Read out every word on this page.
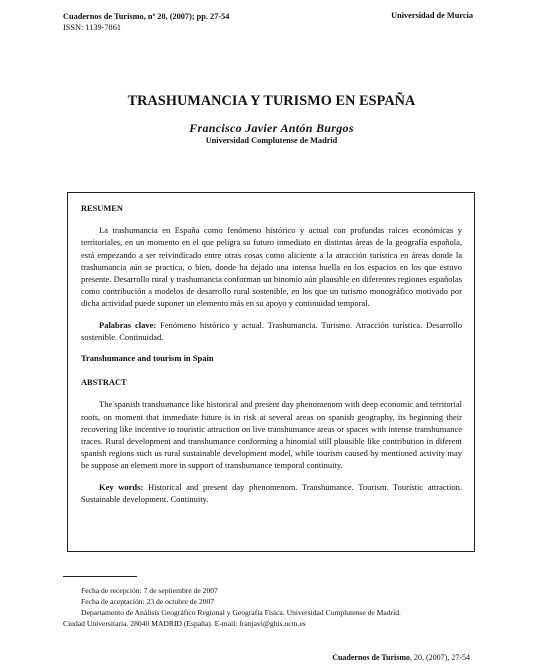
Cuadernos de Turismo, nº 20, (2007); pp. 27-54
ISSN: 1139-7861
Universidad de Murcia
TRASHUMANCIA Y TURISMO EN ESPAÑA
Francisco Javier Antón Burgos
Universidad Complutense de Madrid
RESUMEN

La trashumancia en España como fenómeno histórico y actual con profundas raíces económicas y territoriales, en un momento en el que peligra su futuro inmediato en distintas áreas de la geografía española, está empezando a ser reivindicado entre otras cosas como aliciente a la atracción turística en áreas donde la trashumancia aún se practica, o bien, donde ha dejado una intensa huella en los espacios en los que estuvo presente. Desarrollo rural y trashumancia conforman un binomio aún plausible en diferentes regiones españolas como contribución a modelos de desarrollo rural sostenible, en los que un turismo monográfico motivado por dicha actividad puede suponer un elemento más en su apoyo y continuidad temporal.

Palabras clave: Fenómeno histórico y actual. Trashumancia. Turismo. Atracción turística. Desarrollo sostenible. Continuidad.

Transhumance and tourism in Spain

ABSTRACT

The spanish transhumance like historical and present day phenomenom with deep economic and territorial roots, on moment that immediate future is in risk at several areas on spanish geography, its beginning their recovering like incentive to touristic attraction on live transhumance areas or spaces with intense transhumance traces. Rural development and transhumance conforming a binomial still plausible like contribution in diferent spanish regions such us rural sustainable development model, while tourism caused by mentioned activity may be suppose an element more in support of transhumance temporal continuity.

Key words: Historical and present day phenomenom. Transhumance. Tourism. Touristic attraction. Sustainable development. Continuity.

Fecha de recepción: 7 de septiembre de 2007
Fecha de aceptación: 23 de octubre de 2007
Departamento de Análisis Geográfico Regional y Geografía Física. Universidad Complutense de Madrid.
Ciudad Universitaria. 28040 MADRID (España). E-mail: franjavi@ghis.ucm.es
Cuadernos de Turismo, 20, (2007), 27-54
